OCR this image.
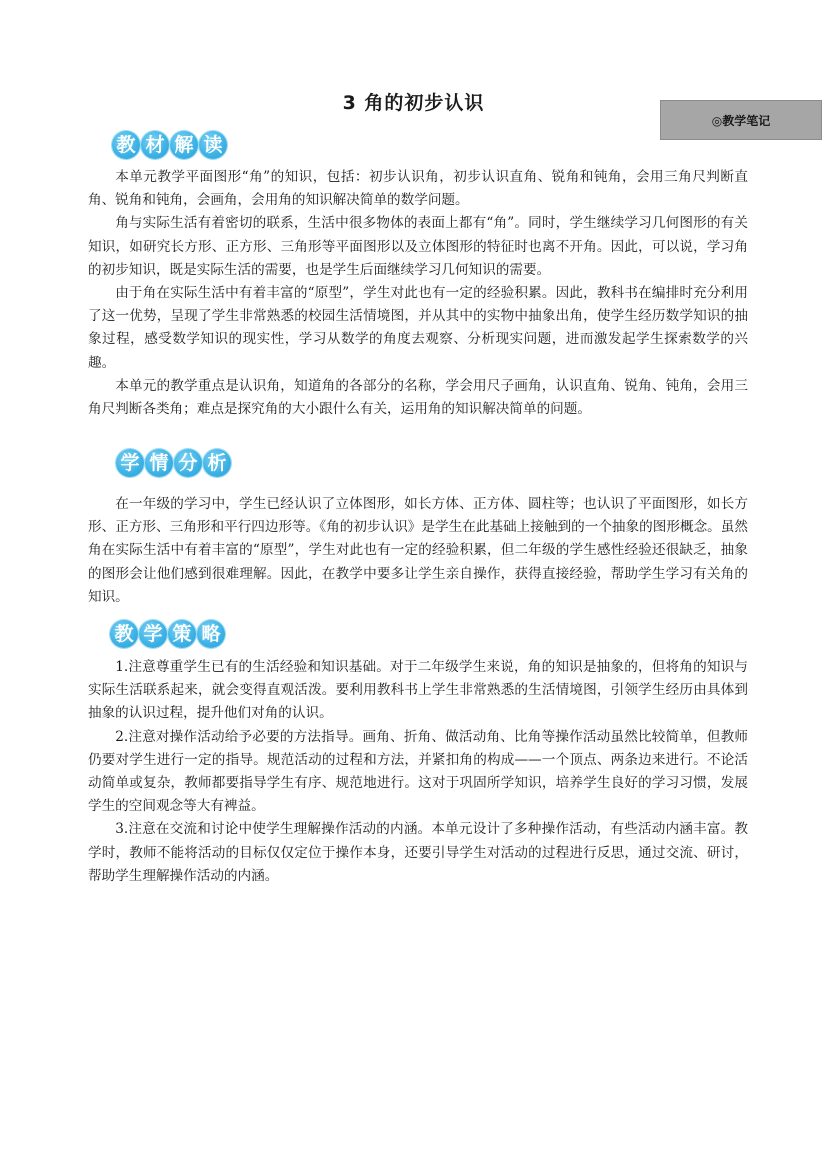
3 角的初步认识
◎教学笔记
教 材 解 读

本单元教学平面图形“角”的知识，包括：初步认识角，初步认识直角、锐角和钝角，会用三角尺判断直角、锐角和钝角，会画角，会用角的知识解决简单的数学问题。

角与实际生活有着密切的联系，生活中很多物体的表面上都有“角”。同时，学生继续学习几何图形的有关知识，如研究长方形、正方形、三角形等平面图形以及立体图形的特征时也离不开角。因此，可以说，学习角的初步知识，既是实际生活的需要，也是学生后面继续学习几何知识的需要。

由于角在实际生活中有着丰富的“原型”，学生对此也有一定的经验积累。因此，教科书在编排时充分利用了这一优势，呈现了学生非常熟悉的校园生活情境图，并从其中的实物中抽象出角，使学生经历数学知识的抽象过程，感受数学知识的现实性，学习从数学的角度去观察、分析现实问题，进而激发起学生探索数学的兴趣。

本单元的教学重点是认识角，知道角的各部分的名称，学会用尺子画角，认识直角、锐角、钝角，会用三角尺判断各类角；难点是探究角的大小跟什么有关，运用角的知识解决简单的问题。

学 情 分 析

在一年级的学习中，学生已经认识了立体图形，如长方体、正方体、圆柱等；也认识了平面图形，如长方形、正方形、三角形和平行四边形等。《角的初步认识》是学生在此基础上接触到的一个抽象的图形概念。虽然角在实际生活中有着丰富的“原型”，学生对此也有一定的经验积累，但二年级的学生感性经验还很缺乏，抽象的图形会让他们感到很难理解。因此，在教学中要多让学生亲自操作，获得直接经验，帮助学生学习有关角的知识。

教 学 策 略

1.注意尊重学生已有的生活经验和知识基础。对于二年级学生来说，角的知识是抽象的，但将角的知识与实际生活联系起来，就会变得直观活泼。要利用教科书上学生非常熟悉的生活情境图，引领学生经历由具体到抽象的认识过程，提升他们对角的认识。

2.注意对操作活动给予必要的方法指导。画角、折角、做活动角、比角等操作活动虽然比较简单，但教师仍要对学生进行一定的指导。规范活动的过程和方法，并紧扣角的构成——一个顶点、两条边来进行。不论活动简单或复杂，教师都要指导学生有序、规范地进行。这对于巩固所学知识，培养学生良好的学习习惯，发展学生的空间观念等大有裨益。

3.注意在交流和讨论中使学生理解操作活动的内涵。本单元设计了多种操作活动，有些活动内涵丰富。教学时，教师不能将活动的目标仅仅定位于操作本身，还要引导学生对活动的过程进行反思，通过交流、研讨，帮助学生理解操作活动的内涵。
